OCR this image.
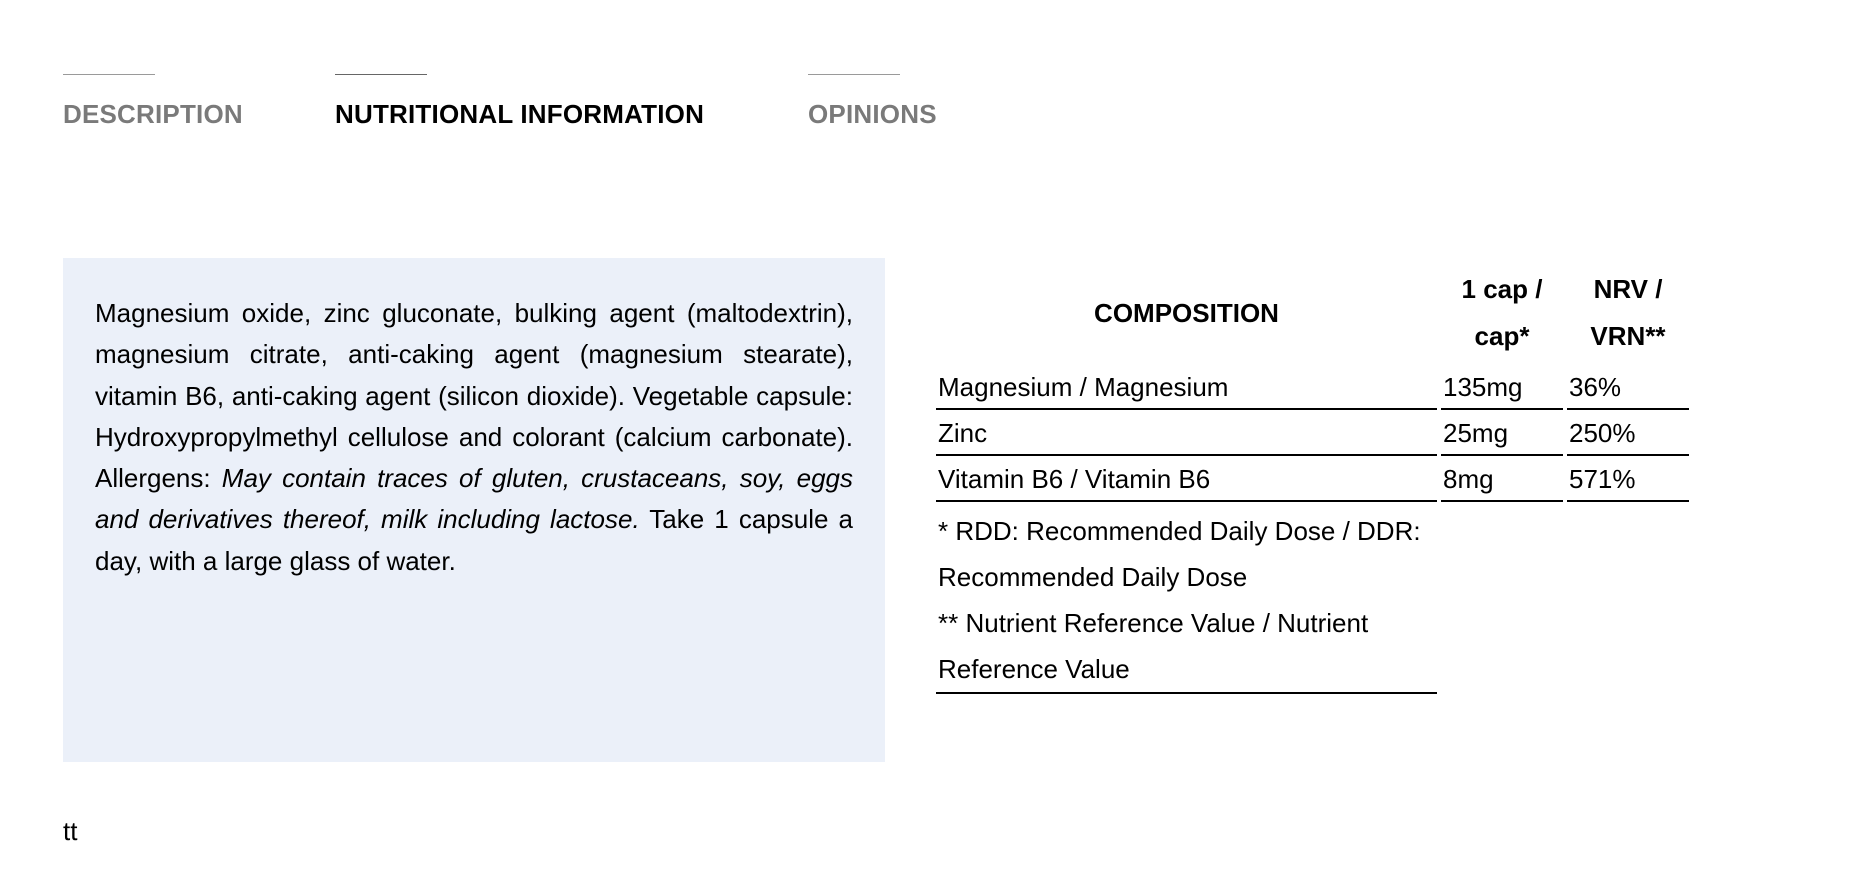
DESCRIPTION	NUTRITIONAL INFORMATION	OPINIONS

Magnesium oxide, zinc gluconate, bulking agent (maltodextrin), magnesium citrate, anti-caking agent (magnesium stearate), vitamin B6, anti-caking agent (silicon dioxide). Vegetable capsule: Hydroxypropylmethyl cellulose and colorant (calcium carbonate). Allergens: May contain traces of gluten, crustaceans, soy, eggs and derivatives thereof, milk including lactose. Take 1 capsule a day, with a large glass of water.

COMPOSITION	1 cap / cap*	NRV / VRN**
Magnesium / Magnesium	135mg	36%
Zinc	25mg	250%
Vitamin B6 / Vitamin B6	8mg	571%

* RDD: Recommended Daily Dose / DDR: Recommended Daily Dose
** Nutrient Reference Value / Nutrient Reference Value		

tt
